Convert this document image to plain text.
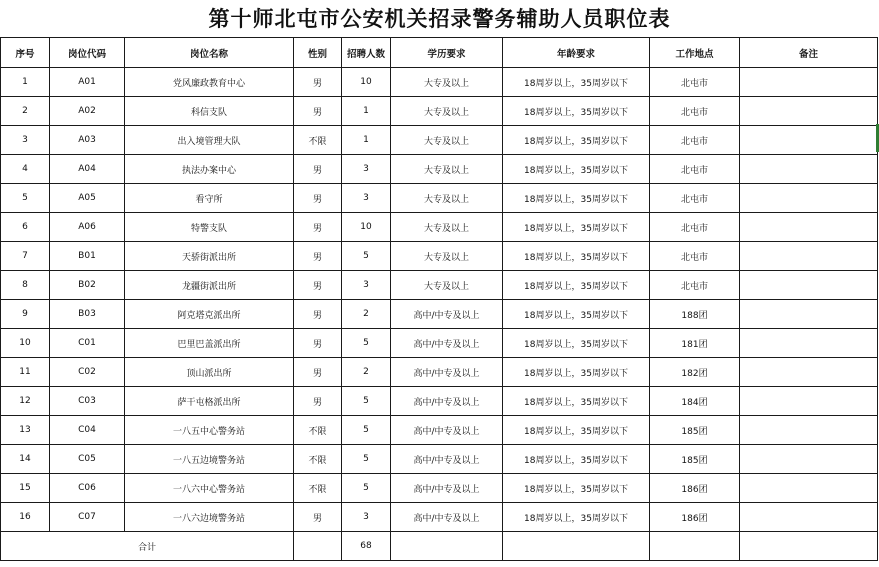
第十师北屯市公安机关招录警务辅助人员职位表
序号	岗位代码	岗位名称	性别	招聘人数	学历要求	年龄要求	工作地点	备注
1	A01	党风廉政教育中心	男	10	大专及以上	18周岁以上，35周岁以下	北屯市	
2	A02	科信支队	男	1	大专及以上	18周岁以上，35周岁以下	北屯市	
3	A03	出入境管理大队	不限	1	大专及以上	18周岁以上，35周岁以下	北屯市	
4	A04	执法办案中心	男	3	大专及以上	18周岁以上，35周岁以下	北屯市	
5	A05	看守所	男	3	大专及以上	18周岁以上，35周岁以下	北屯市	
6	A06	特警支队	男	10	大专及以上	18周岁以上，35周岁以下	北屯市	
7	B01	天骄街派出所	男	5	大专及以上	18周岁以上，35周岁以下	北屯市	
8	B02	龙疆街派出所	男	3	大专及以上	18周岁以上，35周岁以下	北屯市	
9	B03	阿克塔克派出所	男	2	高中/中专及以上	18周岁以上，35周岁以下	188团	
10	C01	巴里巴盖派出所	男	5	高中/中专及以上	18周岁以上，35周岁以下	181团	
11	C02	顶山派出所	男	2	高中/中专及以上	18周岁以上，35周岁以下	182团	
12	C03	萨干屯格派出所	男	5	高中/中专及以上	18周岁以上，35周岁以下	184团	
13	C04	一八五中心警务站	不限	5	高中/中专及以上	18周岁以上，35周岁以下	185团	
14	C05	一八五边境警务站	不限	5	高中/中专及以上	18周岁以上，35周岁以下	185团	
15	C06	一八六中心警务站	不限	5	高中/中专及以上	18周岁以上，35周岁以下	186团	
16	C07	一八六边境警务站	男	3	高中/中专及以上	18周岁以上，35周岁以下	186团	
合计				68				
